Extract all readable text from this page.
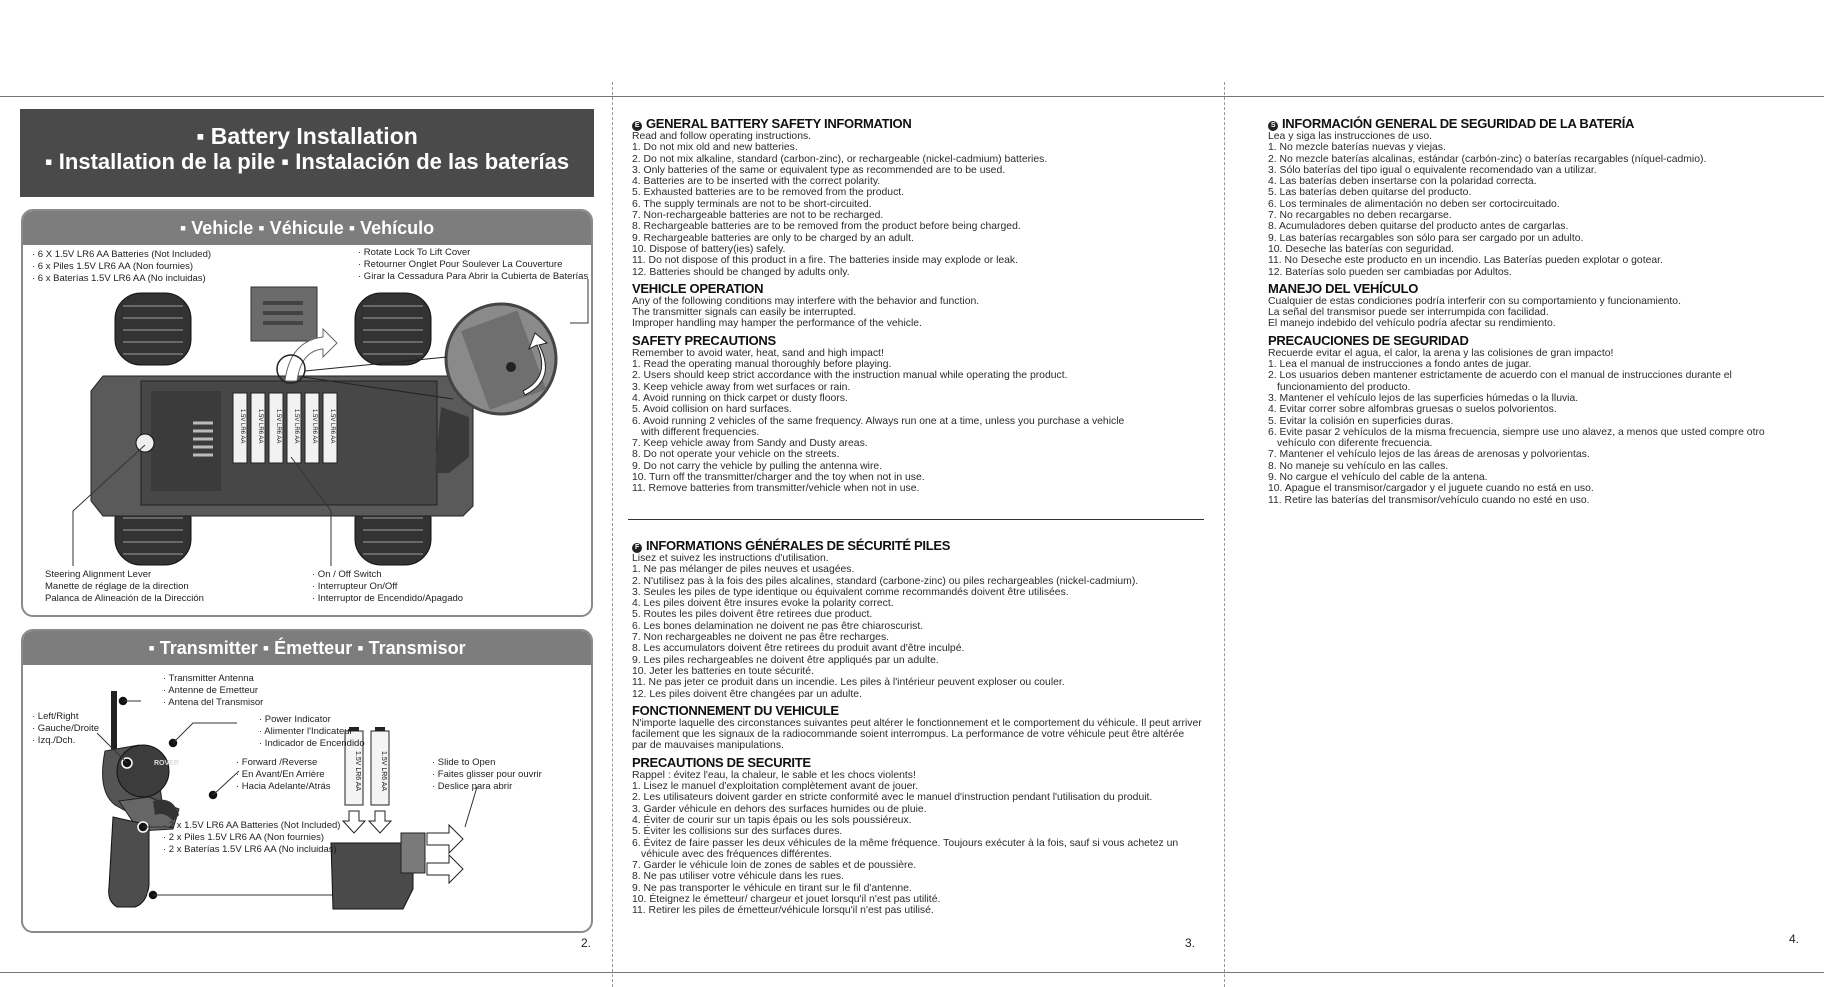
▪ Battery Installation
▪ Installation de la pile ▪ Instalación de las baterías
▪ Vehicle ▪ Véhicule ▪ Vehículo
1.5V LR6 AA 1.5V LR6 AA 1.5V LR6 AA 1.5V LR6 AA 1.5V LR6 AA 1.5V LR6 AA
· 6 X 1.5V LR6 AA Batteries (Not Included)
· 6 x Piles 1.5V LR6 AA (Non fournies)
· 6 x Baterías 1.5V LR6 AA (No incluidas)
· Rotate Lock To Lift Cover
· Retourner Onglet Pour Soulever La Couverture
· Girar la Cessadura Para Abrir la Cubierta de Baterías
Steering Alignment Lever
Manette de réglage de la direction
Palanca de Alineación de la Dirección
· On / Off Switch
· Interrupteur On/Off
· Interruptor de Encendido/Apagado
▪ Transmitter ▪ Émetteur ▪ Transmisor
ROVER	1.5V LR6 AA	1.5V LR6 AA
· Transmitter Antenna
· Antenne de Emetteur
· Antena del Transmisor
· Left/Right
· Gauche/Droite
· Izq./Dch.
· Power Indicator
· Alimenter l'Indicateur
· Indicador de Encendido
· Forward /Reverse
· En Avant/En Arrière
· Hacia Adelante/Atrás
· Slide to Open
· Faites glisser pour ouvrir
· Deslice para abrir
· 2 x 1.5V LR6 AA Batteries (Not Included)
· 2 x Piles 1.5V LR6 AA (Non fournies)
· 2 x Baterías 1.5V LR6 AA (No incluidas)
2.	3.	4.
E GENERAL BATTERY SAFETY INFORMATION
Read and follow operating instructions.
1. Do not mix old and new batteries.
2. Do not mix alkaline, standard (carbon-zinc), or rechargeable (nickel-cadmium) batteries.
3. Only batteries of the same or equivalent type as recommended are to be used.
4. Batteries are to be inserted with the correct polarity.
5. Exhausted batteries are to be removed from the product.
6. The supply terminals are not to be short-circuited.
7. Non-rechargeable batteries are not to be recharged.
8. Rechargeable batteries are to be removed from the product before being charged.
9. Rechargeable batteries are only to be charged by an adult.
10. Dispose of battery(ies) safely.
11. Do not dispose of this product in a fire. The batteries inside may explode or leak.
12. Batteries should be changed by adults only.
VEHICLE OPERATION
Any of the following conditions may interfere with the behavior and function.
The transmitter signals can easily be interrupted.
Improper handling may hamper the performance of the vehicle.
SAFETY PRECAUTIONS
Remember to avoid water, heat, sand and high impact!
1. Read the operating manual thoroughly before playing.
2. Users should keep strict accordance with the instruction manual while operating the product.
3. Keep vehicle away from wet surfaces or rain.
4. Avoid running on thick carpet or dusty floors.
5. Avoid collision on hard surfaces.
6. Avoid running 2 vehicles of the same frequency. Always run one at a time, unless you purchase a vehicle
with different frequencies.
7. Keep vehicle away from Sandy and Dusty areas.
8. Do not operate your vehicle on the streets.
9. Do not carry the vehicle by pulling the antenna wire.
10. Turn off the transmitter/charger and the toy when not in use.
11. Remove batteries from transmitter/vehicle when not in use.
F INFORMATIONS GÉNÉRALES DE SÉCURITÉ PILES
Lisez et suivez les instructions d'utilisation.
1. Ne pas mélanger de piles neuves et usagées.
2. N'utilisez pas à la fois des piles alcalines, standard (carbone-zinc) ou piles rechargeables (nickel-cadmium).
3. Seules les piles de type identique ou équivalent comme recommandés doivent être utilisées.
4. Les piles doivent être insures evoke la polarity correct.
5. Routes les piles doivent être retirees due product.
6. Les bones delamination ne doivent ne pas être chiaroscurist.
7. Non rechargeables ne doivent ne pas être recharges.
8. Les accumulators doivent être retirees du produit avant d'être inculpé.
9. Les piles rechargeables ne doivent être appliqués par un adulte.
10. Jeter les batteries en toute sécurité.
11. Ne pas jeter ce produit dans un incendie. Les piles à l'intérieur peuvent exploser ou couler.
12. Les piles doivent être changées par un adulte.
FONCTIONNEMENT DU VEHICULE
N'importe laquelle des circonstances suivantes peut altérer le fonctionnement et le comportement du véhicule. Il peut arriver
facilement que les signaux de la radiocommande soient interrompus. La performance de votre véhicule peut être altérée
par de mauvaises manipulations.
PRECAUTIONS DE SECURITE
Rappel : évitez l'eau, la chaleur, le sable et les chocs violents!
1. Lisez le manuel d'exploitation complètement avant de jouer.
2. Les utilisateurs doivent garder en stricte conformité avec le manuel d'instruction pendant l'utilisation du produit.
3. Garder véhicule en dehors des surfaces humides ou de pluie.
4. Éviter de courir sur un tapis épais ou les sols poussiéreux.
5. Éviter les collisions sur des surfaces dures.
6. Évitez de faire passer les deux véhicules de la même fréquence. Toujours exécuter à la fois, sauf si vous achetez un
véhicule avec des fréquences différentes.
7. Garder le véhicule loin de zones de sables et de poussière.
8. Ne pas utiliser votre véhicule dans les rues.
9. Ne pas transporter le véhicule en tirant sur le fil d'antenne.
10. Éteignez le émetteur/ chargeur et jouet lorsqu'il n'est pas utilité.
11. Retirer les piles de émetteur/véhicule lorsqu'il n'est pas utilisé.
S INFORMACIÓN GENERAL DE SEGURIDAD DE LA BATERÍA
Lea y siga las instrucciones de uso.
1. No mezcle baterías nuevas y viejas.
2. No mezcle baterías alcalinas, estándar (carbón-zinc) o baterías recargables (níquel-cadmio).
3. Sólo baterías del tipo igual o equivalente recomendado van a utilizar.
4. Las baterías deben insertarse con la polaridad correcta.
5. Las baterías deben quitarse del producto.
6. Los terminales de alimentación no deben ser cortocircuitado.
7. No recargables no deben recargarse.
8. Acumuladores deben quitarse del producto antes de cargarlas.
9. Las baterías recargables son sólo para ser cargado por un adulto.
10. Deseche las baterías con seguridad.
11. No Deseche este producto en un incendio. Las Baterías pueden explotar o gotear.
12. Baterías solo pueden ser cambiadas por Adultos.
MANEJO DEL VEHÍCULO
Cualquier de estas condiciones podría interferir con su comportamiento y funcionamiento.
La señal del transmisor puede ser interrumpida con facilidad.
El manejo indebido del vehículo podría afectar su rendimiento.
PRECAUCIONES DE SEGURIDAD
Recuerde evitar el agua, el calor, la arena y las colisiones de gran impacto!
1. Lea el manual de instrucciones a fondo antes de jugar.
2. Los usuarios deben mantener estrictamente de acuerdo con el manual de instrucciones durante el
funcionamiento del producto.
3. Mantener el vehículo lejos de las superficies húmedas o la lluvia.
4. Evitar correr sobre alfombras gruesas o suelos polvorientos.
5. Evitar la colisión en superficies duras.
6. Evite pasar 2 vehículos de la misma frecuencia, siempre use uno alavez, a menos que usted compre otro
vehículo con diferente frecuencia.
7. Mantener el vehículo lejos de las áreas de arenosas y polvorientas.
8. No maneje su vehículo en las calles.
9. No cargue el vehículo del cable de la antena.
10. Apague el transmisor/cargador y el juguete cuando no está en uso.
11. Retire las baterías del transmisor/vehículo cuando no esté en uso.
